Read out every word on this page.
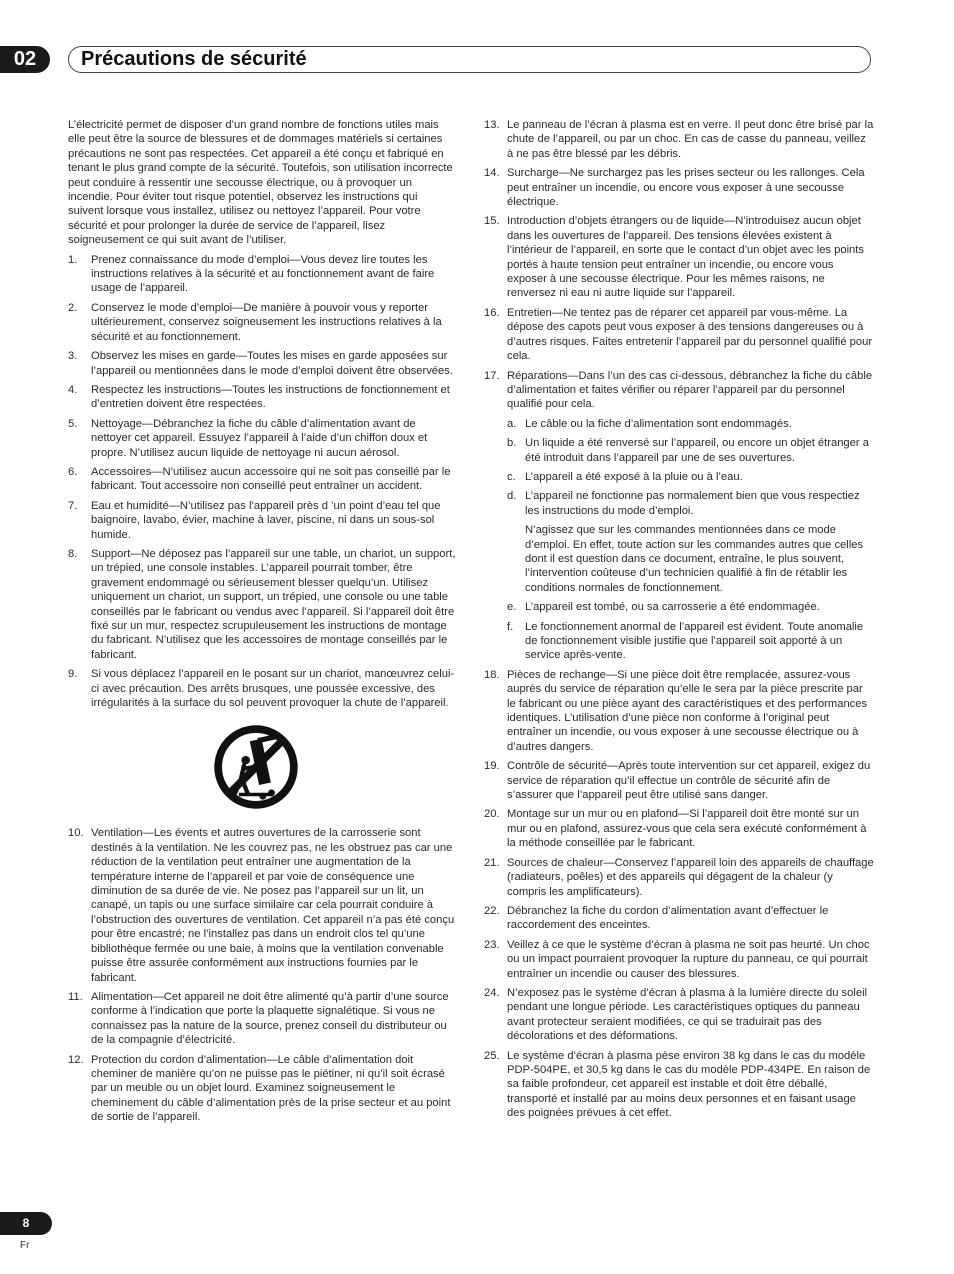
02	Précautions de sécurité

L’électricité permet de disposer d’un grand nombre de fonctions utiles mais elle peut être la source de blessures et de dommages matériels si certaines précautions ne sont pas respectées. Cet appareil a été conçu et fabriqué en tenant le plus grand compte de la sécurité. Toutefois, son utilisation incorrecte peut conduire à ressentir une secousse électrique, ou à provoquer un incendie. Pour éviter tout risque potentiel, observez les instructions qui suivent lorsque vous installez, utilisez ou nettoyez l’appareil. Pour votre sécurité et pour prolonger la durée de service de l’appareil, lisez soigneusement ce qui suit avant de l’utiliser.

1. Prenez connaissance du mode d’emploi—Vous devez lire toutes les instructions relatives à la sécurité et au fonctionnement avant de faire usage de l’appareil.
2. Conservez le mode d’emploi—De manière à pouvoir vous y reporter ultérieurement, conservez soigneusement les instructions relatives à la sécurité et au fonctionnement.
3. Observez les mises en garde—Toutes les mises en garde apposées sur l’appareil ou mentionnées dans le mode d’emploi doivent être observées.
4. Respectez les instructions—Toutes les instructions de fonctionnement et d’entretien doivent être respectées.
5. Nettoyage—Débranchez la fiche du câble d’alimentation avant de nettoyer cet appareil. Essuyez l’appareil à l’aide d’un chiffon doux et propre. N’utilisez aucun liquide de nettoyage ni aucun aérosol.
6. Accessoires—N’utilisez aucun accessoire qui ne soit pas conseillé par le fabricant. Tout accessoire non conseillé peut entraîner un accident.
7. Eau et humidité—N’utilisez pas l’appareil près d ’un point d’eau tel que baignoire, lavabo, évier, machine à laver, piscine, ni dans un sous-sol humide.
8. Support—Ne déposez pas l’appareil sur une table, un chariot, un support, un trépied, une console instables. L’appareil pourrait tomber, être gravement endommagé ou sérieusement blesser quelqu’un. Utilisez uniquement un chariot, un support, un trépied, une console ou une table conseillés par le fabricant ou vendus avec l’appareil. Si l’appareil doit être fixé sur un mur, respectez scrupuleusement les instructions de montage du fabricant. N’utilisez que les accessoires de montage conseillés par le fabricant.
9. Si vous déplacez l’appareil en le posant sur un chariot, manœuvrez celui-ci avec précaution. Des arrêts brusques, une poussée excessive, des irrégularités à la surface du sol peuvent provoquer la chute de l’appareil.
10. Ventilation—Les évents et autres ouvertures de la carrosserie sont destinés à la ventilation. Ne les couvrez pas, ne les obstruez pas car une réduction de la ventilation peut entraîner une augmentation de la température interne de l’appareil et par voie de conséquence une diminution de sa durée de vie. Ne posez pas l’appareil sur un lit, un canapé, un tapis ou une surface similaire car cela pourrait conduire à l’obstruction des ouvertures de ventilation. Cet appareil n’a pas été conçu pour être encastré; ne l’installez pas dans un endroit clos tel qu’une bibliothèque fermée ou une baie, à moins que la ventilation convenable puisse être assurée conformément aux instructions fournies par le fabricant.
11. Alimentation—Cet appareil ne doit être alimenté qu’à partir d’une source conforme à l’indication que porte la plaquette signalétique. Si vous ne connaissez pas la nature de la source, prenez conseil du distributeur ou de la compagnie d’électricité.
12. Protection du cordon d’alimentation—Le câble d’alimentation doit cheminer de manière qu’on ne puisse pas le piétiner, ni qu’il soit écrasé par un meuble ou un objet lourd. Examinez soigneusement le cheminement du câble d’alimentation près de la prise secteur et au point de sortie de l’appareil.
13. Le panneau de l’écran à plasma est en verre. Il peut donc être brisé par la chute de l’appareil, ou par un choc. En cas de casse du panneau, veillez à ne pas être blessé par les débris.
14. Surcharge—Ne surchargez pas les prises secteur ou les rallonges. Cela peut entraîner un incendie, ou encore vous exposer à une secousse électrique.
15. Introduction d’objets étrangers ou de liquide—N’introduisez aucun objet dans les ouvertures de l’appareil. Des tensions élevées existent à l’intérieur de l’appareil, en sorte que le contact d’un objet avec les points portés à haute tension peut entraîner un incendie, ou encore vous exposer à une secousse électrique. Pour les mêmes raisons, ne renversez ni eau ni autre liquide sur l’appareil.
16. Entretien—Ne tentez pas de réparer cet appareil par vous-même. La dépose des capots peut vous exposer à des tensions dangereuses ou à d’autres risques. Faites entretenir l’appareil par du personnel qualifié pour cela.
17. Réparations—Dans l’un des cas ci-dessous, débranchez la fiche du câble d’alimentation et faites vérifier ou réparer l’appareil par du personnel qualifié pour cela.
a. Le câble ou la fiche d’alimentation sont endommagés.
b. Un liquide a été renversé sur l’appareil, ou encore un objet étranger a été introduit dans l’appareil par une de ses ouvertures.
c. L’appareil a été exposé à la pluie ou à l’eau.
d. L’appareil ne fonctionne pas normalement bien que vous respectiez les instructions du mode d’emploi.

N’agissez que sur les commandes mentionnées dans ce mode d’emploi. En effet, toute action sur les commandes autres que celles dont il est question dans ce document, entraîne, le plus souvent, l’intervention coûteuse d’un technicien qualifié à fin de rétablir les conditions normales de fonctionnement.

e. L’appareil est tombé, ou sa carrosserie a été endommagée.
f. Le fonctionnement anormal de l’appareil est évident. Toute anomalie de fonctionnement visible justifie que l’appareil soit apporté à un service après-vente.
18. Pièces de rechange—Si une pièce doit être remplacée, assurez-vous auprès du service de réparation qu’elle le sera par la pièce prescrite par le fabricant ou une pièce ayant des caractéristiques et des performances identiques. L’utilisation d’une pièce non conforme à l’original peut entraîner un incendie, ou vous exposer à une secousse électrique ou à d’autres dangers.
19. Contrôle de sécurité—Après toute intervention sur cet appareil, exigez du service de réparation qu’il effectue un contrôle de sécurité afin de s’assurer que l’appareil peut être utilisé sans danger.
20. Montage sur un mur ou en plafond—Si l’appareil doit être monté sur un mur ou en plafond, assurez-vous que cela sera exécuté conformément à la méthode conseillée par le fabricant.
21. Sources de chaleur—Conservez l’appareil loin des appareils de chauffage (radiateurs, poêles) et des appareils qui dégagent de la chaleur (y compris les amplificateurs).
22. Débranchez la fiche du cordon d’alimentation avant d’effectuer le raccordement des enceintes.
23. Veillez à ce que le système d’écran à plasma ne soit pas heurté. Un choc ou un impact pourraient provoquer la rupture du panneau, ce qui pourrait entraîner un incendie ou causer des blessures.
24. N’exposez pas le système d’écran à plasma à la lumière directe du soleil pendant une longue période. Les caractéristiques optiques du panneau avant protecteur seraient modifiées, ce qui se traduirait pas des décolorations et des déformations.
25. Le système d’écran à plasma pèse environ 38 kg dans le cas du modèle PDP-504PE, et 30,5 kg dans le cas du modèle PDP-434PE. En raison de sa faible profondeur, cet appareil est instable et doit être déballé, transporté et installé par au moins deux personnes et en faisant usage des poignées prévues à cet effet.
8
Fr
